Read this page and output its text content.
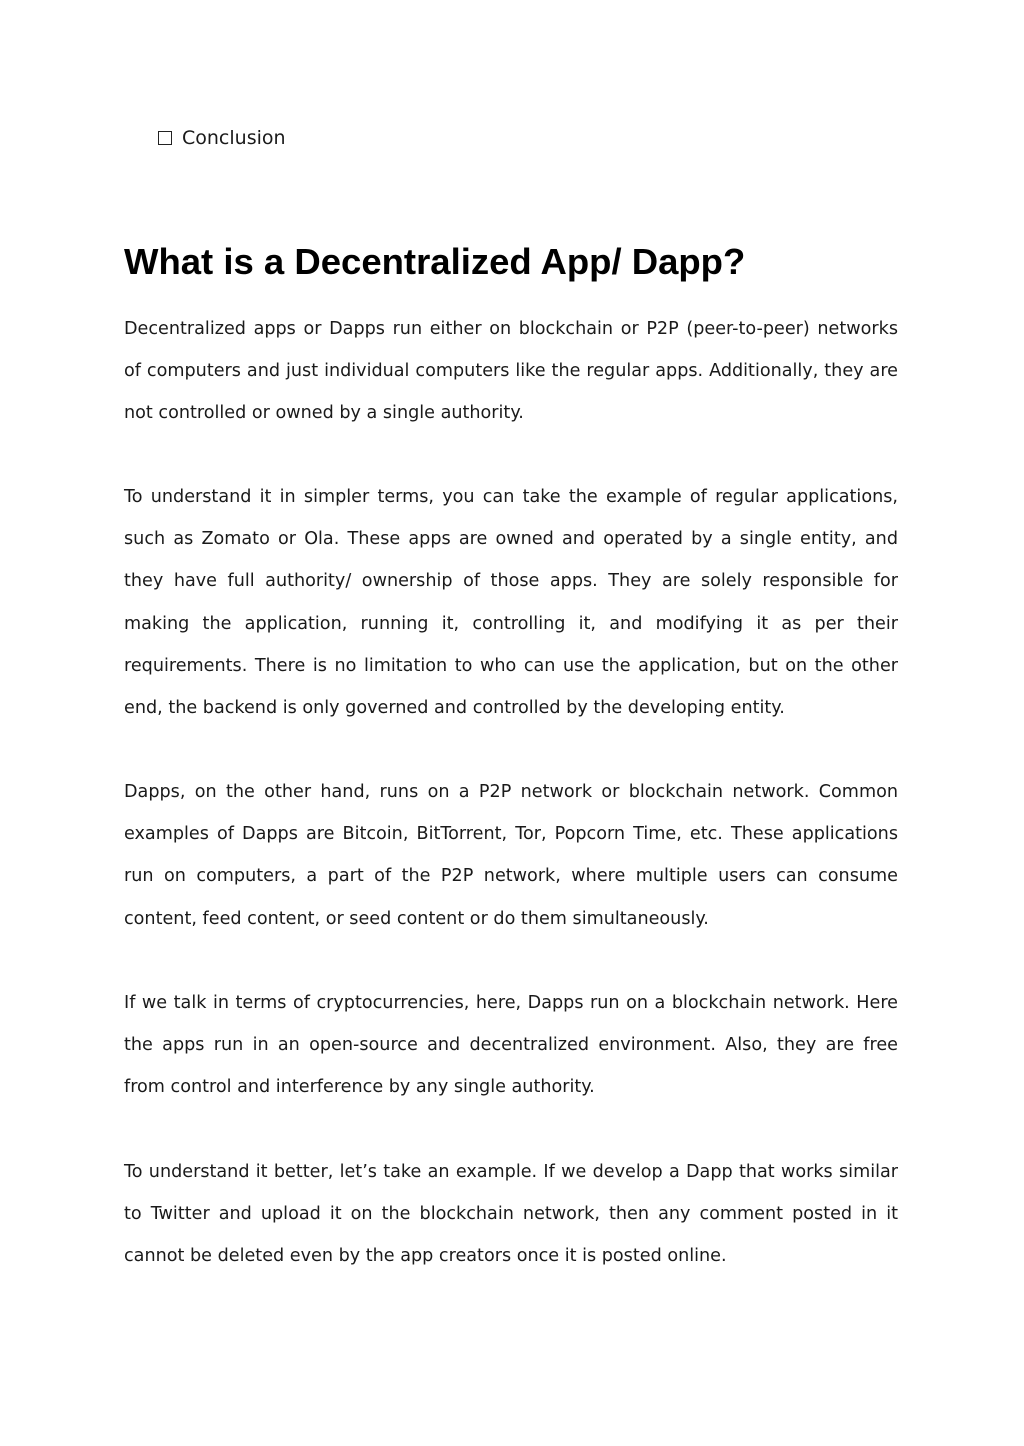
Conclusion
What is a Decentralized App/ Dapp?

Decentralized apps or Dapps run either on blockchain or P2P (peer-to-peer) networks of computers and just individual computers like the regular apps. Additionally, they are not controlled or owned by a single authority.

To understand it in simpler terms, you can take the example of regular applications, such as Zomato or Ola. These apps are owned and operated by a single entity, and they have full authority/ ownership of those apps. They are solely responsible for making the application, running it, controlling it, and modifying it as per their requirements. There is no limitation to who can use the application, but on the other end, the backend is only governed and controlled by the developing entity.

Dapps, on the other hand, runs on a P2P network or blockchain network. Common examples of Dapps are Bitcoin, BitTorrent, Tor, Popcorn Time, etc. These applications run on computers, a part of the P2P network, where multiple users can consume content, feed content, or seed content or do them simultaneously.

If we talk in terms of cryptocurrencies, here, Dapps run on a blockchain network. Here the apps run in an open-source and decentralized environment. Also, they are free from control and interference by any single authority.

To understand it better, let’s take an example. If we develop a Dapp that works similar to Twitter and upload it on the blockchain network, then any comment posted in it cannot be deleted even by the app creators once it is posted online.
